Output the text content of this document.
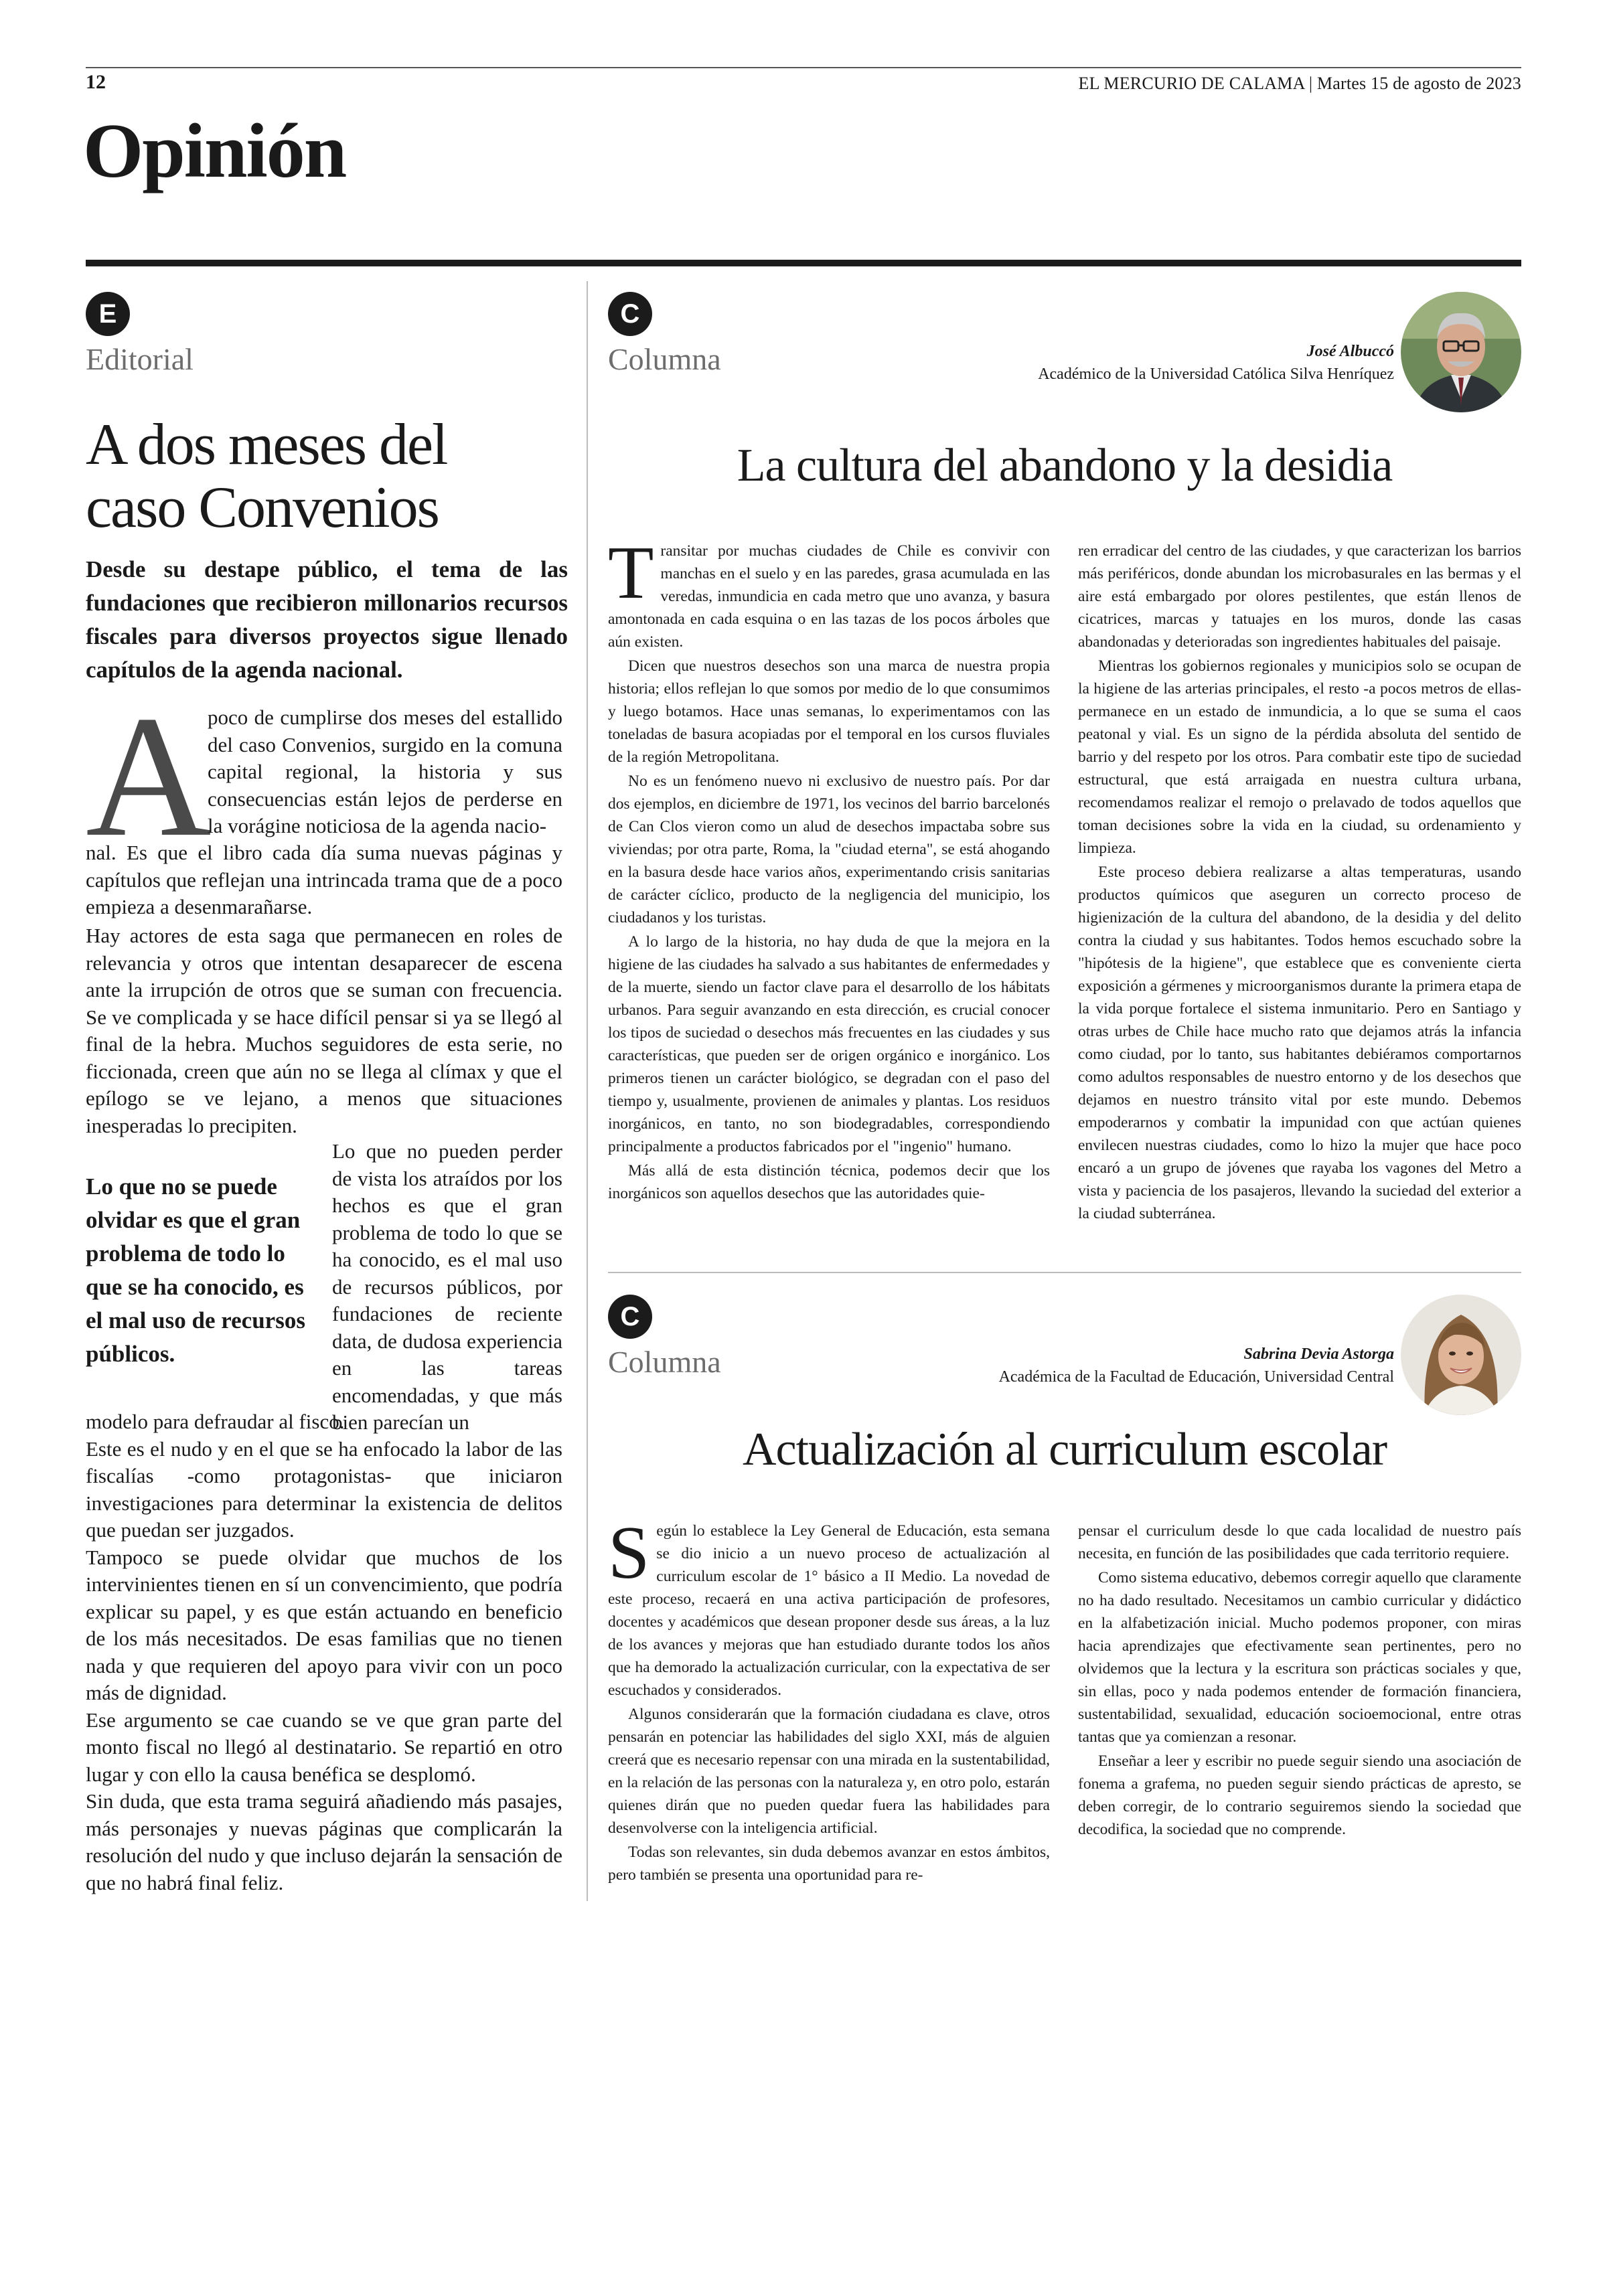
12	EL MERCURIO DE CALAMA | Martes 15 de agosto de 2023
Opinión
E
Editorial
A dos meses del
caso Convenios
Desde su destape público, el tema de las fundaciones que recibieron millonarios recursos fiscales para diversos proyectos sigue llenado capítulos de la agenda nacional.
A
poco de cumplirse dos meses del estallido del caso Convenios, surgido en la comuna capital regional, la historia y sus consecuencias están lejos de perderse en la vorágine noticiosa de la agenda nacio-
nal. Es que el libro cada día suma nuevas páginas y capítulos que reflejan una intrincada trama que de a poco empieza a desenmarañarse.
Hay actores de esta saga que permanecen en roles de relevancia y otros que intentan desaparecer de escena ante la irrupción de otros que se suman con frecuencia. Se ve complicada y se hace difícil pensar si ya se llegó al final de la hebra. Muchos seguidores de esta serie, no ficcionada, creen que aún no se llega al clímax y que el epílogo se ve lejano, a menos que situaciones inesperadas lo precipiten.
Lo que no se puede olvidar es que el gran problema de todo lo que se ha conocido, es el mal uso de recursos públicos.
Lo que no pueden perder de vista los atraídos por los hechos es que el gran problema de todo lo que se ha conocido, es el mal uso de recursos públicos, por fundaciones de reciente data, de dudosa experiencia en las tareas encomendadas, y que más bien parecían un

modelo para defraudar al fisco.

Este es el nudo y en el que se ha enfocado la labor de las fiscalías -como protagonistas- que iniciaron investigaciones para determinar la existencia de delitos que puedan ser juzgados.

Tampoco se puede olvidar que muchos de los intervinientes tienen en sí un convencimiento, que podría explicar su papel, y es que están actuando en beneficio de los más necesitados. De esas familias que no tienen nada y que requieren del apoyo para vivir con un poco más de dignidad.

Ese argumento se cae cuando se ve que gran parte del monto fiscal no llegó al destinatario. Se repartió en otro lugar y con ello la causa benéfica se desplomó.

Sin duda, que esta trama seguirá añadiendo más pasajes, más personajes y nuevas páginas que complicarán la resolución del nudo y que incluso dejarán la sensación de que no habrá final feliz.

C
Columna	José Albuccó
Académico de la Universidad Católica Silva Henríquez
La cultura del abandono y la desidia
T ransitar por muchas ciudades de Chile es convivir con manchas en el suelo y en las paredes, grasa acumulada en las veredas, inmundicia en cada metro que uno avanza, y basura amontonada en cada esquina o en las tazas de los pocos árboles que aún existen.

Dicen que nuestros desechos son una marca de nuestra propia historia; ellos reflejan lo que somos por medio de lo que consumimos y luego botamos. Hace unas semanas, lo experimentamos con las toneladas de basura acopiadas por el temporal en los cursos fluviales de la región Metropolitana.

No es un fenómeno nuevo ni exclusivo de nuestro país. Por dar dos ejemplos, en diciembre de 1971, los vecinos del barrio barcelonés de Can Clos vieron como un alud de desechos impactaba sobre sus viviendas; por otra parte, Roma, la "ciudad eterna", se está ahogando en la basura desde hace varios años, experimentando crisis sanitarias de carácter cíclico, producto de la negligencia del municipio, los ciudadanos y los turistas.

A lo largo de la historia, no hay duda de que la mejora en la higiene de las ciudades ha salvado a sus habitantes de enfermedades y de la muerte, siendo un factor clave para el desarrollo de los hábitats urbanos. Para seguir avanzando en esta dirección, es crucial conocer los tipos de suciedad o desechos más frecuentes en las ciudades y sus características, que pueden ser de origen orgánico e inorgánico. Los primeros tienen un carácter biológico, se degradan con el paso del tiempo y, usualmente, provienen de animales y plantas. Los residuos inorgánicos, en tanto, no son biodegradables, correspondiendo principalmente a productos fabricados por el "ingenio" humano.

Más allá de esta distinción técnica, podemos decir que los inorgánicos son aquellos desechos que las autoridades quie-

ren erradicar del centro de las ciudades, y que caracterizan los barrios más periféricos, donde abundan los microbasurales en las bermas y el aire está embargado por olores pestilentes, que están llenos de cicatrices, marcas y tatuajes en los muros, donde las casas abandonadas y deterioradas son ingredientes habituales del paisaje.

Mientras los gobiernos regionales y municipios solo se ocupan de la higiene de las arterias principales, el resto -a pocos metros de ellas- permanece en un estado de inmundicia, a lo que se suma el caos peatonal y vial. Es un signo de la pérdida absoluta del sentido de barrio y del respeto por los otros. Para combatir este tipo de suciedad estructural, que está arraigada en nuestra cultura urbana, recomendamos realizar el remojo o prelavado de todos aquellos que toman decisiones sobre la vida en la ciudad, su ordenamiento y limpieza.

Este proceso debiera realizarse a altas temperaturas, usando productos químicos que aseguren un correcto proceso de higienización de la cultura del abandono, de la desidia y del delito contra la ciudad y sus habitantes. Todos hemos escuchado sobre la "hipótesis de la higiene", que establece que es conveniente cierta exposición a gérmenes y microorganismos durante la primera etapa de la vida porque fortalece el sistema inmunitario. Pero en Santiago y otras urbes de Chile hace mucho rato que dejamos atrás la infancia como ciudad, por lo tanto, sus habitantes debiéramos comportarnos como adultos responsables de nuestro entorno y de los desechos que dejamos en nuestro tránsito vital por este mundo. Debemos empoderarnos y combatir la impunidad con que actúan quienes envilecen nuestras ciudades, como lo hizo la mujer que hace poco encaró a un grupo de jóvenes que rayaba los vagones del Metro a vista y paciencia de los pasajeros, llevando la suciedad del exterior a la ciudad subterránea.

C
Columna	Sabrina Devia Astorga
Académica de la Facultad de Educación, Universidad Central
Actualización al curriculum escolar
S egún lo establece la Ley General de Educación, esta semana se dio inicio a un nuevo proceso de actualización al curriculum escolar de 1° básico a II Medio. La novedad de este proceso, recaerá en una activa participación de profesores, docentes y académicos que desean proponer desde sus áreas, a la luz de los avances y mejoras que han estudiado durante todos los años que ha demorado la actualización curricular, con la expectativa de ser escuchados y considerados.

Algunos considerarán que la formación ciudadana es clave, otros pensarán en potenciar las habilidades del siglo XXI, más de alguien creerá que es necesario repensar con una mirada en la sustentabilidad, en la relación de las personas con la naturaleza y, en otro polo, estarán quienes dirán que no pueden quedar fuera las habilidades para desenvolverse con la inteligencia artificial.

Todas son relevantes, sin duda debemos avanzar en estos ámbitos, pero también se presenta una oportunidad para re-

pensar el curriculum desde lo que cada localidad de nuestro país necesita, en función de las posibilidades que cada territorio requiere.

Como sistema educativo, debemos corregir aquello que claramente no ha dado resultado. Necesitamos un cambio curricular y didáctico en la alfabetización inicial. Mucho podemos proponer, con miras hacia aprendizajes que efectivamente sean pertinentes, pero no olvidemos que la lectura y la escritura son prácticas sociales y que, sin ellas, poco y nada podemos entender de formación financiera, sustentabilidad, sexualidad, educación socioemocional, entre otras tantas que ya comienzan a resonar.

Enseñar a leer y escribir no puede seguir siendo una asociación de fonema a grafema, no pueden seguir siendo prácticas de apresto, se deben corregir, de lo contrario seguiremos siendo la sociedad que decodifica, la sociedad que no comprende.
